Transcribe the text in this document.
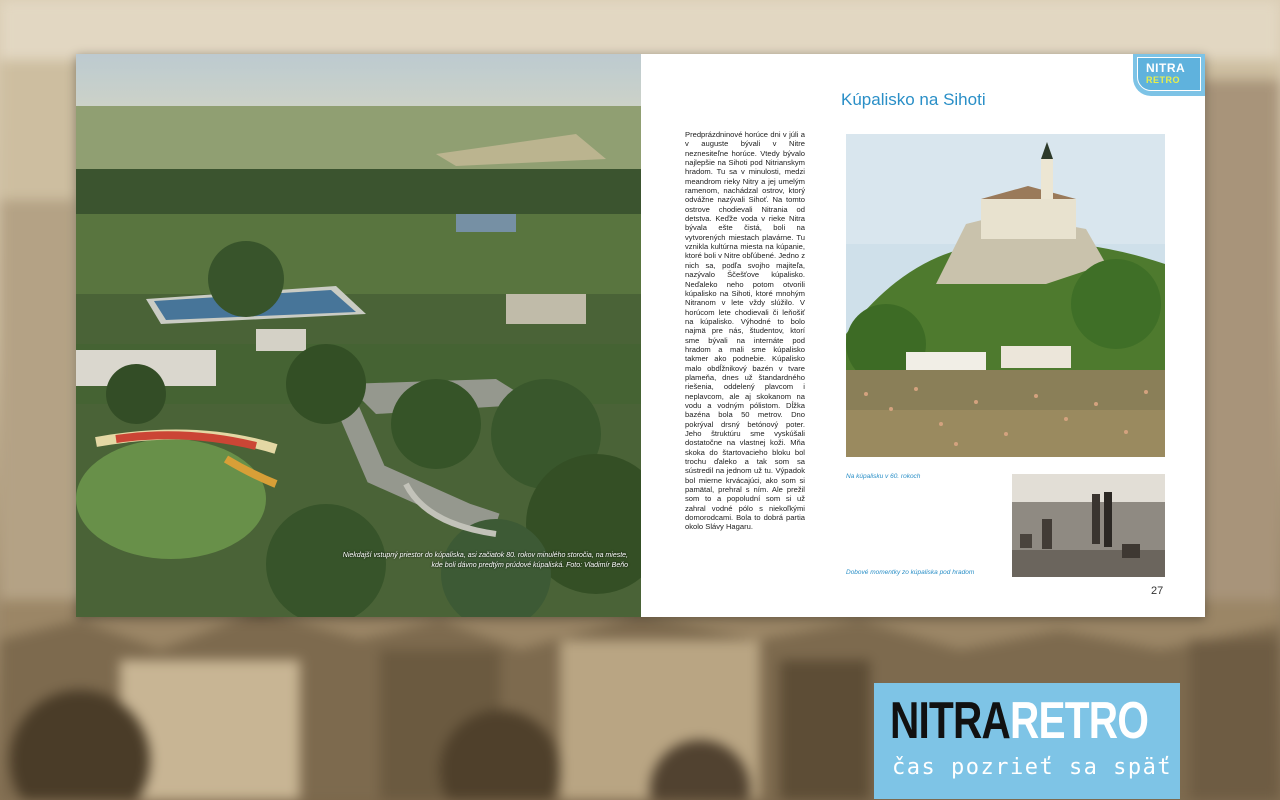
Niekdajší vstupný priestor do kúpaliska, asi začiatok 80. rokov minulého storočia, na mieste, kde boli dávno predtým prúdové kúpaliská. Foto: Vladimír Beňo
NITRA
RETRO
Kúpalisko na Sihoti
Predprázdninové horúce dni v júli a v auguste bývali v Nitre neznesiteľne horúce. Vtedy bývalo najlepšie na Sihoti pod Nitrianskym hradom. Tu sa v minulosti, medzi meandrom rieky Nitry a jej umelým ramenom, nachádzal ostrov, ktorý odvážne nazývali Sihoť. Na tomto ostrove chodievali Nitrania od detstva. Keďže voda v rieke Nitra bývala ešte čistá, boli na vytvorených miestach plavárne. Tu vznikla kultúrna miesta na kúpanie, ktoré boli v Nitre obľúbené. Jedno z nich sa, podľa svojho majiteľa, nazývalo Ščešťove kúpalisko. Neďaleko neho potom otvorili kúpalisko na Sihoti, ktoré mnohým Nitranom v lete vždy slúžilo. V horúcom lete chodievali či leňošiť na kúpalisko. Výhodné to bolo najmä pre nás, študentov, ktorí sme bývali na internáte pod hradom a mali sme kúpalisko takmer ako podnebie. Kúpalisko malo obdĺžnikový bazén v tvare plameňa, dnes už štandardného riešenia, oddelený plavcom i neplavcom, ale aj skokanom na vodu a vodným pólistom. Dĺžka bazéna bola 50 metrov. Dno pokrýval drsný betónový poter. Jeho štruktúru sme vyskúšali dostatočne na vlastnej koži. Mňa skoka do štartovacieho bloku bol trochu ďaleko a tak som sa sústredil na jednom už tu. Výpadok bol mierne krvácajúci, ako som si pamätal, prehral s ním. Ale prežil som to a popoludní som si už zahral vodné pólo s niekoľkými domorodcami. Bola to dobrá partia okolo Slávy Hagaru.
Na kúpalisku v 60. rokoch
Dobové momentky zo kúpaliska pod hradom
27
NITRARETRO
čas pozrieť sa späť
